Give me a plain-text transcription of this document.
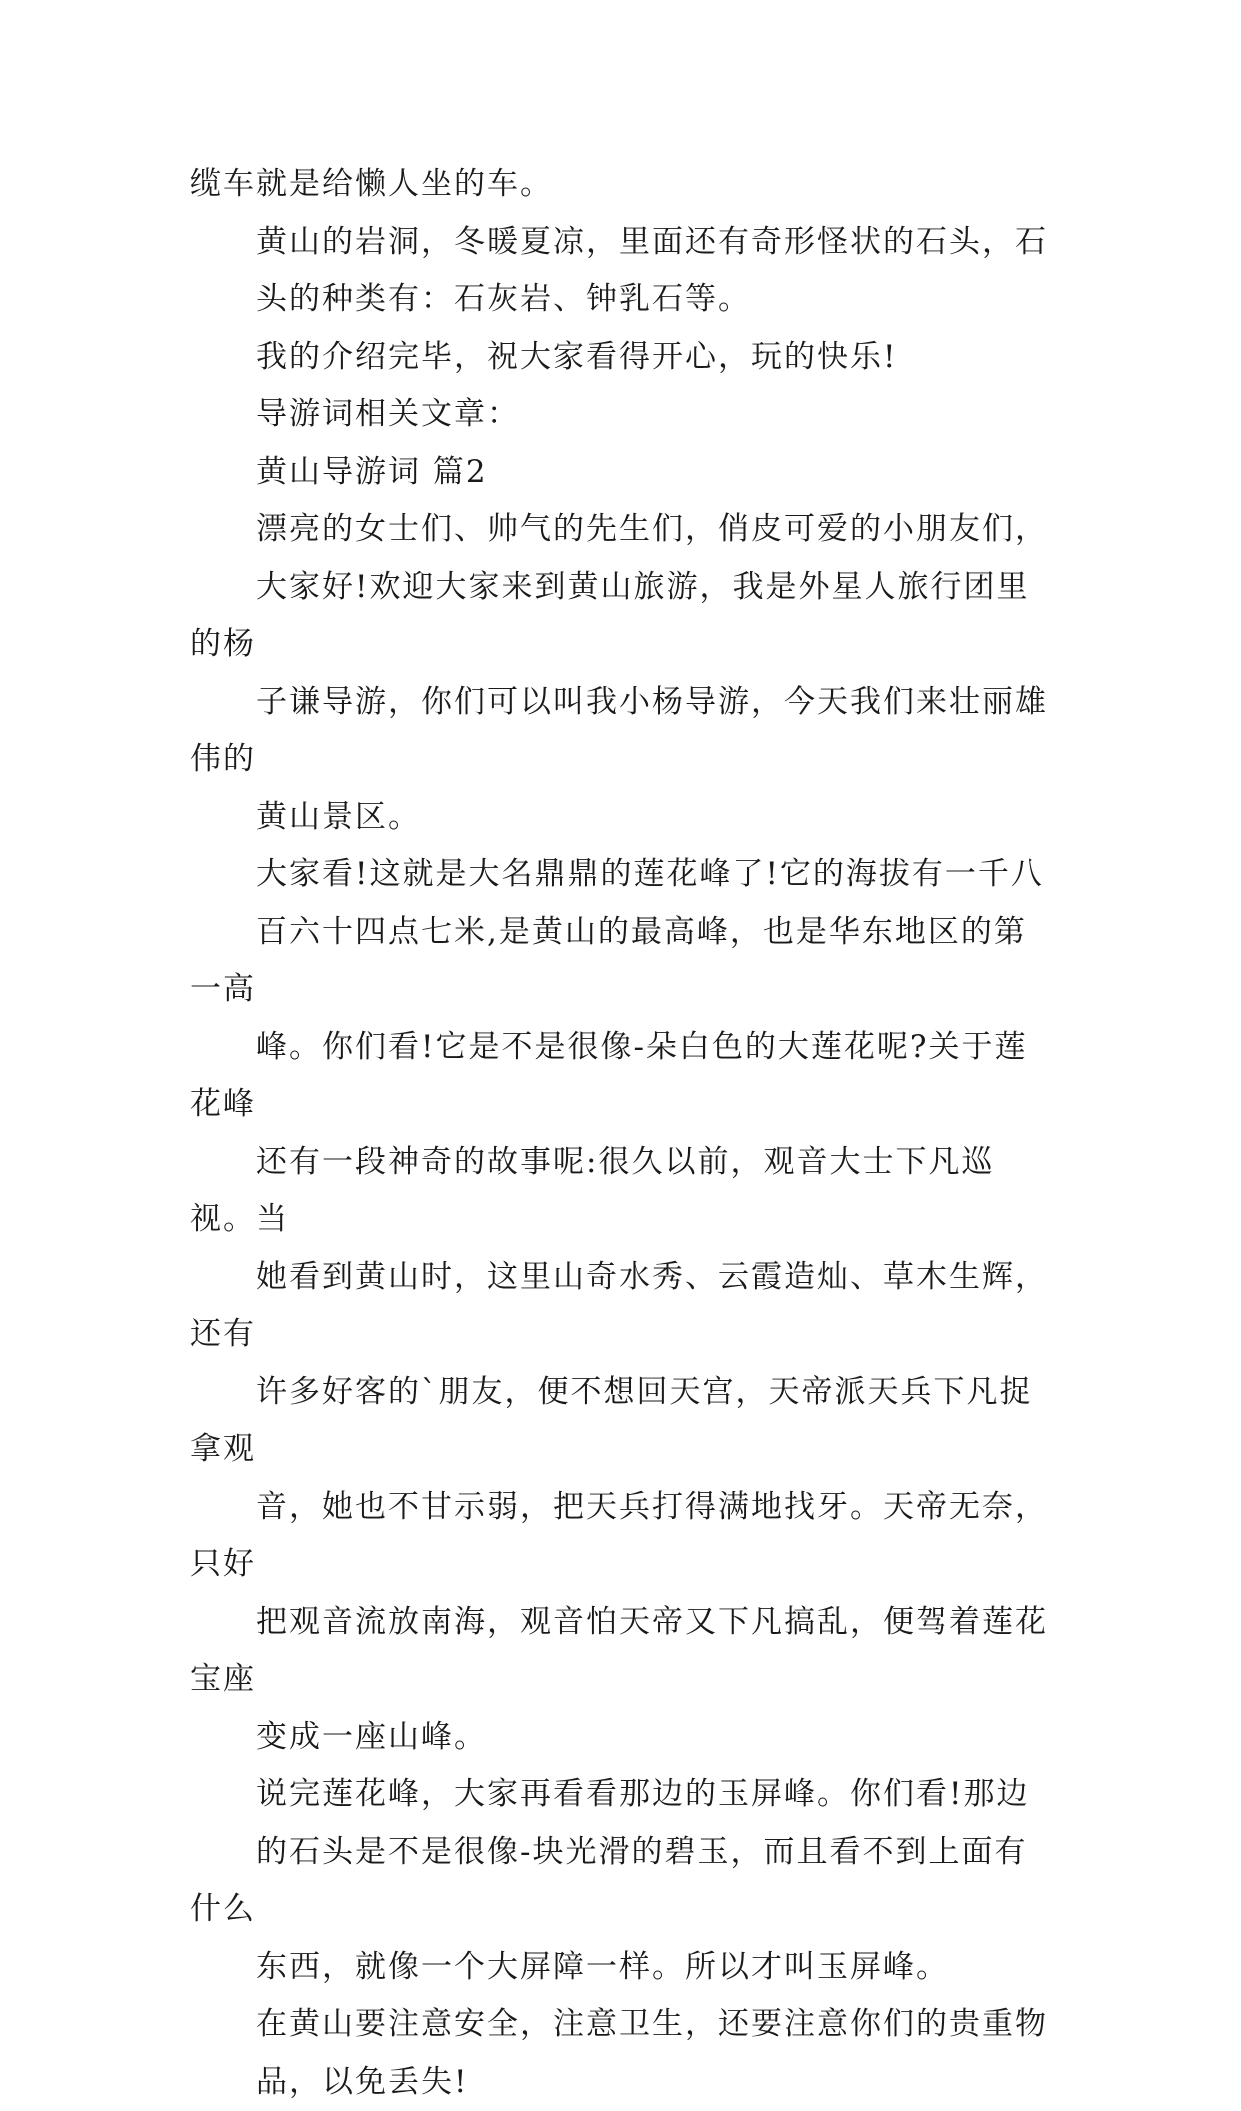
缆车就是给懒人坐的车。
黄山的岩洞，冬暖夏凉，里面还有奇形怪状的石头，石
头的种类有：石灰岩、钟乳石等。
我的介绍完毕，祝大家看得开心，玩的快乐!
导游词相关文章：
黄山导游词 篇2
漂亮的女士们、帅气的先生们，俏皮可爱的小朋友们，
大家好!欢迎大家来到黄山旅游，我是外星人旅行团里的杨
子谦导游，你们可以叫我小杨导游，今天我们来壮丽雄伟的
黄山景区。
大家看!这就是大名鼎鼎的莲花峰了!它的海拔有一千八
百六十四点七米,是黄山的最高峰，也是华东地区的第一高
峰。你们看!它是不是很像-朵白色的大莲花呢?关于莲花峰
还有一段神奇的故事呢:很久以前，观音大士下凡巡视。当
她看到黄山时，这里山奇水秀、云霞造灿、草木生辉，还有
许多好客的`朋友，便不想回天宫，天帝派天兵下凡捉拿观
音，她也不甘示弱，把天兵打得满地找牙。天帝无奈，只好
把观音流放南海，观音怕天帝又下凡搞乱，便驾着莲花宝座
变成一座山峰。
说完莲花峰，大家再看看那边的玉屏峰。你们看!那边
的石头是不是很像-块光滑的碧玉，而且看不到上面有什么
东西，就像一个大屏障一样。所以才叫玉屏峰。
在黄山要注意安全，注意卫生，还要注意你们的贵重物
品，以免丢失!
